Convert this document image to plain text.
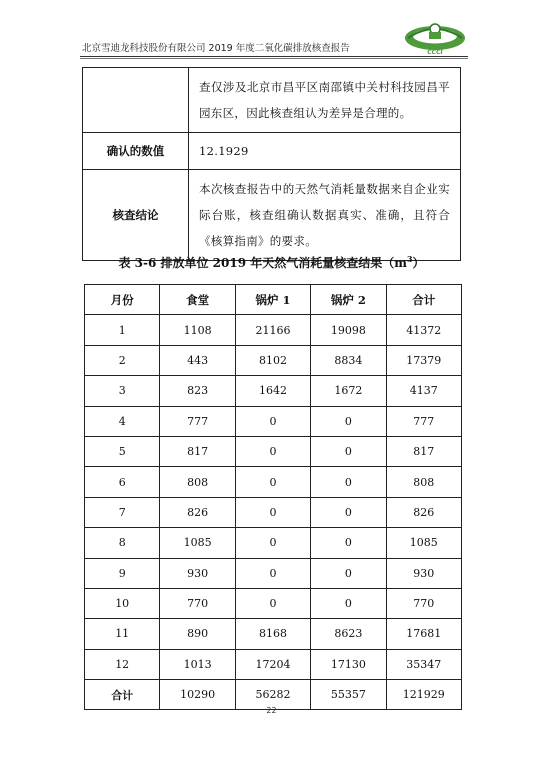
北京雪迪龙科技股份有限公司 2019 年度二氧化碳排放核查报告	CCCI
	查仅涉及北京市昌平区南邵镇中关村科技园昌平园东区，因此核查组认为差异是合理的。
确认的数值	12.1929
核查结论	本次核查报告中的天然气消耗量数据来自企业实际台账，核查组确认数据真实、准确，且符合《核算指南》的要求。
表 3-6 排放单位 2019 年天然气消耗量核查结果$(m^3)$
月份	食堂	锅炉 1	锅炉 2	合计
1	1108	21166	19098	41372
2	443	8102	8834	17379
3	823	1642	1672	4137
4	777	0	0	777
5	817	0	0	817
6	808	0	0	808
7	826	0	0	826
8	1085	0	0	1085
9	930	0	0	930
10	770	0	0	770
11	890	8168	8623	17681
12	1013	17204	17130	35347
合计	10290	56282	55357	121929
22
